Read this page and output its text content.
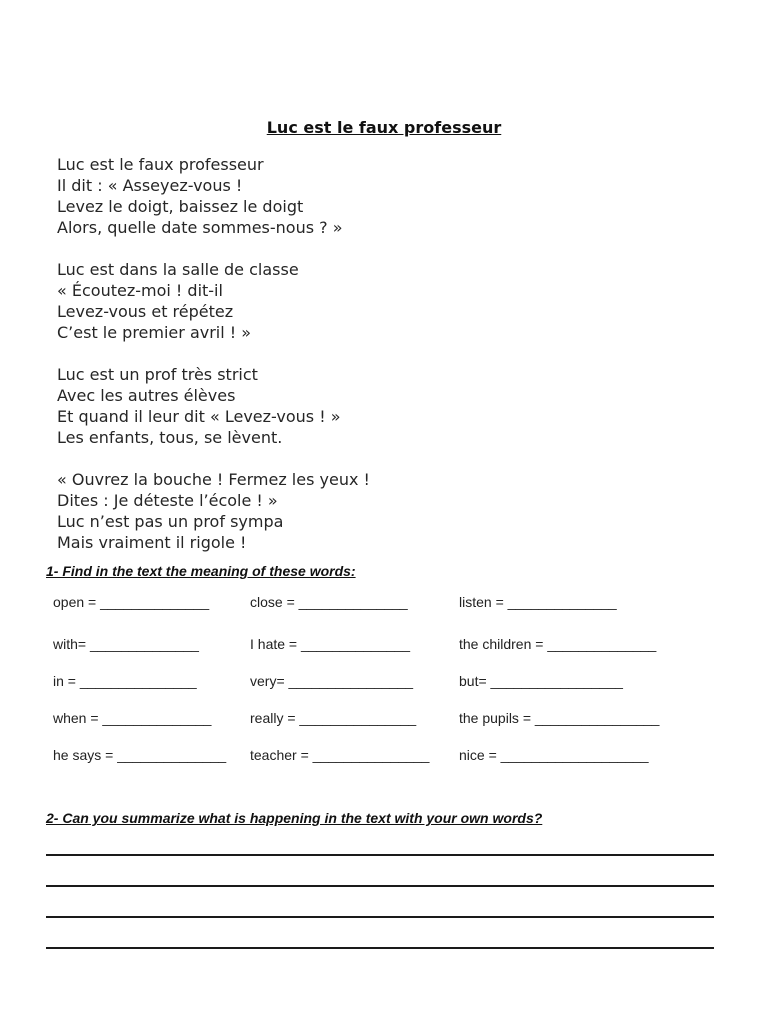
Luc est le faux professeur
Luc est le faux professeur
Il dit : « Asseyez-vous !
Levez le doigt, baissez le doigt
Alors, quelle date sommes-nous ? »
Luc est dans la salle de classe
« Écoutez-moi ! dit-il
Levez-vous et répétez
C’est le premier avril ! »
Luc est un prof très strict
Avec les autres élèves
Et quand il leur dit « Levez-vous ! »
Les enfants, tous, se lèvent.
« Ouvrez la bouche ! Fermez les yeux !
Dites : Je déteste l’école ! »
Luc n’est pas un prof sympa
Mais vraiment il rigole !
1- Find in the text the meaning of these words:
open = ______________	close = ______________	listen = ______________
with= ______________	I hate = ______________	the children = ______________
in = _______________	very= ________________	but= _________________
when = ______________	really = _______________	the pupils = ________________
he says = ______________ teacher = _______________ nice = ___________________
2- Can you summarize what is happening in the text with your own words?
